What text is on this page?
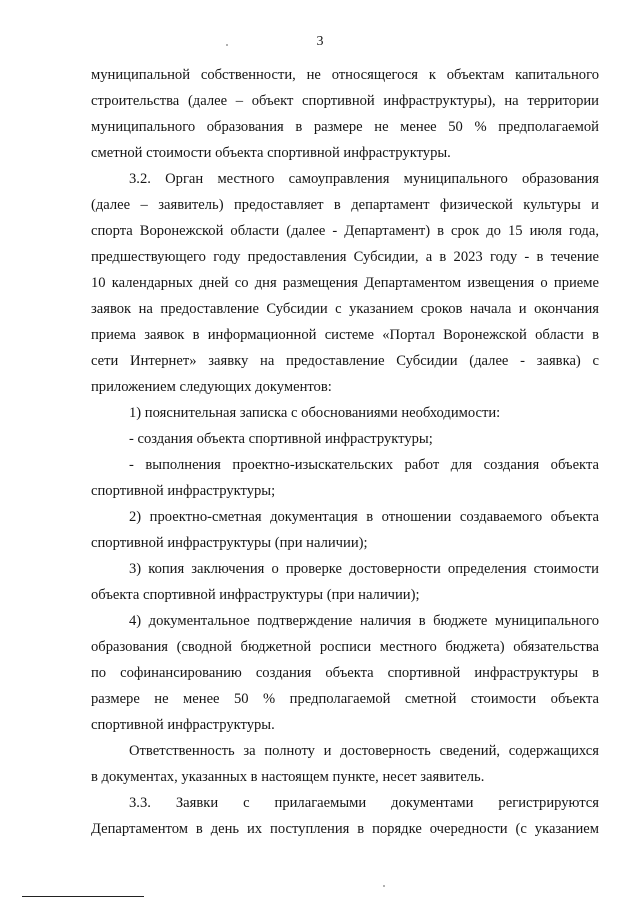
3
муниципальной собственности, не относящегося к объектам капитального
строительства (далее – объект спортивной инфраструктуры), на территории
муниципального образования в размере не менее 50 % предполагаемой
сметной стоимости объекта спортивной инфраструктуры.
3.2. Орган местного самоуправления муниципального образования
(далее – заявитель) предоставляет в департамент физической культуры и
спорта Воронежской области (далее - Департамент) в срок до 15 июля года,
предшествующего году предоставления Субсидии, а в 2023 году - в течение
10 календарных дней со дня размещения Департаментом извещения о приеме
заявок на предоставление Субсидии с указанием сроков начала и окончания
приема заявок в информационной системе «Портал Воронежской области в
сети Интернет» заявку на предоставление Субсидии (далее - заявка) с
приложением следующих документов:
1) пояснительная записка с обоснованиями необходимости:
- создания объекта спортивной инфраструктуры;
- выполнения проектно-изыскательских работ для создания объекта
спортивной инфраструктуры;
2) проектно-сметная документация в отношении создаваемого объекта
спортивной инфраструктуры (при наличии);
3) копия заключения о проверке достоверности определения стоимости
объекта спортивной инфраструктуры (при наличии);
4) документальное подтверждение наличия в бюджете муниципального
образования (сводной бюджетной росписи местного бюджета) обязательства
по софинансированию создания объекта спортивной инфраструктуры в
размере не менее 50 % предполагаемой сметной стоимости объекта
спортивной инфраструктуры.
Ответственность за полноту и достоверность сведений, содержащихся
в документах, указанных в настоящем пункте, несет заявитель.
3.3. Заявки с прилагаемыми документами регистрируются
Департаментом в день их поступления в порядке очередности (с указанием
